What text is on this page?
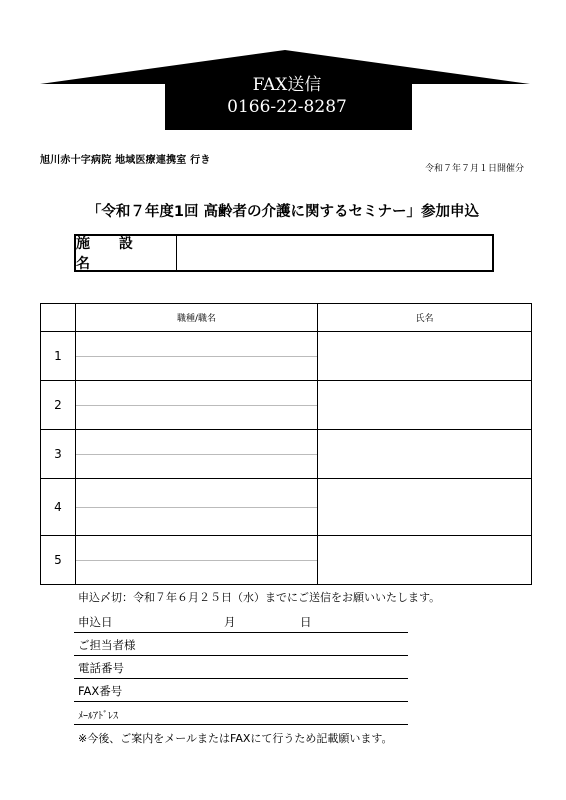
FAX送信
0166-22-8287
旭川赤十字病院 地域医療連携室 行き
令和７年７月１日開催分
「令和７年度1回 高齢者の介護に関するセミナー」参加申込
施 設 名
	職種/職名	氏名
1	

2	

3	

4	

5	

申込〆切：令和７年６月２５日（水）までにご送信をお願いいたします。
申込日	月	日
ご担当者様
電話番号
FAX番号
ﾒｰﾙｱﾄﾞﾚｽ
※今後、ご案内をメールまたはFAXにて行うため記載願います。
